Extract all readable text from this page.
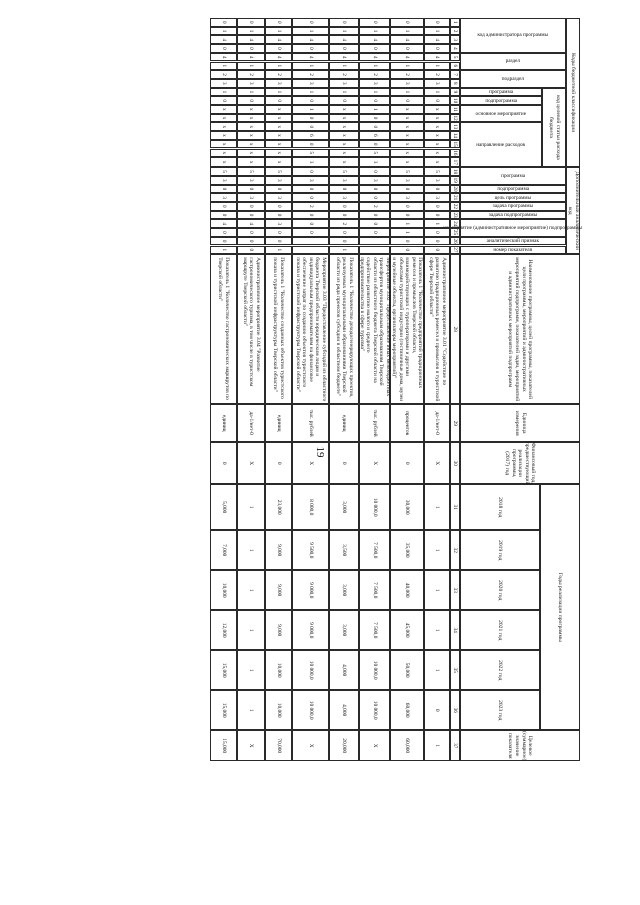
19
Коды бюджетной классификации
Дополнительный аналитический код
код администратора программы
раздел
подраздел
код целевой статьи расхода бюджета
программа
подпрограмма
основное мероприятие
направление расходов
программа
подпрограмма
цель программы
задача программы
задача подпрограммы
мероприятие (административное мероприятие) подпрограммы
аналитический признак
номер показателя
Наименование программы, целей программы, показателей цели программы, мероприятий и административных мероприятий подпрограмм, показателей задач, мероприятий и административных мероприятий подпрограмм
Единица измерения
Финансовый год, предшествующий реализации программы, (2017) год
Годы реализации программы
2018 год
2019 год
2020 год
2021 год
2022 год
2023 год
Целевое (суммарное) значение показателя
1
2
3
4
5
6
7
8
9
10
11
12
13
14
15
16
17
18
19
20
21
22
23
24
25
26
27
28
29
30
31
32
33
34
35
36
37
0
1
4
0
4
1
2
3
1
0
х
х
х
х
х
х
х
5
3
0
3
0
0
1
0
0
0
Административное мероприятие 3.01 "Содействие по развитию традиционных ремесел и промыслов в туристской сфере Тверской области"
да-1/нет-0
Х
1
1
1
1
1
0
1
0
1
4
0
4
1
2
3
1
0
х
х
х
х
х
х
х
5
3
0
3
0
0
1
1
0
0
Показатель 1 "Количество предприятий традиционных ремесел и промыслов Тверской области, взаимодействующих с туроператорами и другими объектами туристской индустрии (гостиничные дома, музеи и музейные объекты, организаторы мероприятий)"
процентов
0
30,000
35,000
40,000
45,000
50,000
60,000
60,000
0
1
4
0
4
1
2
3
1
0
1
0
0
6
0
5
3
0
3
0
0
2
0
0
0
Мероприятие 3.02 "Предоставление иных межбюджетных трансфертов муниципальным образованиям Тверской области из областного бюджета Тверской области на содействие развитию малого и среднего предпринимательства в сфере туризма"
тыс. рублей
Х
10 000,0
7 500,0
7 500,0
7 500,0
10 000,0
10 000,0
Х
0
1
4
0
4
1
2
3
1
0
х
х
х
х
х
х
х
5
3
0
3
0
0
2
0
0
1
Показатель 1 "Количество доходогенерирующих проектов, реализуемых муниципальными образованиями Тверской области из ряда проектов субсидии в областном бюджете"
единиц
0
3,000
3,500
3,000
3,000
4,000
4,000
20,000
0
1
4
0
4
1
2
3
1
0
1
0
0
6
0
5
3
0
3
0
0
2
0
0
0
Мероприятие 3.03 "Предоставление субсидий из областного бюджета Тверской области юридическим лицам и индивидуальным предпринимателям на финансовое обеспечение затрат по созданию объектов туристского показа и туристской инфраструктуры Тверской области"
тыс. рублей
Х
8 000,0
9 500,0
9 000,0
9 000,0
10 000,0
10 000,0
Х
0
1
4
0
4
1
2
3
1
0
х
х
х
х
х
х
х
5
3
0
3
0
0
3
0
0
1
Показатель 1 "Количество созданных объектов туристского показа и туристской инфраструктуры Тверской области"
единиц
0
23,000
9,000
9,000
9,000
10,000
10,000
70,000
0
1
4
0
4
1
2
3
1
0
х
х
х
х
х
х
х
5
3
0
3
0
0
4
0
0
0
Административное мероприятие 3.04 "Развитие гастрономического туризма, в том числе в туристском маршруте Тверской области"
да-1/нет-0
Х
1
1
1
1
1
1
Х
0
1
4
0
4
1
2
3
1
0
х
х
х
х
х
х
х
5
3
0
3
0
0
4
0
0
1
Показатель 1 "Количество гастрономических маршрутов по Тверской области"
единиц
0
5,000
7,000
10,000
12,000
15,000
15,000
15,000
